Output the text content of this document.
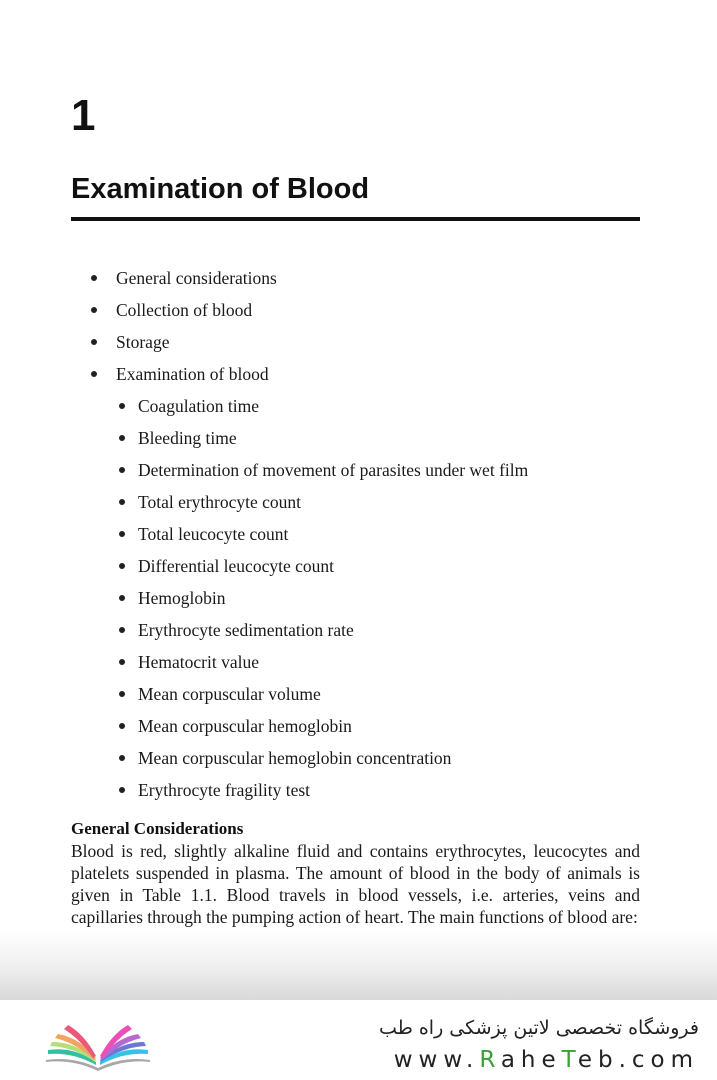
1
Examination of Blood
General considerations
Collection of blood
Storage
Examination of blood
Coagulation time
Bleeding time
Determination of movement of parasites under wet film
Total erythrocyte count
Total leucocyte count
Differential leucocyte count
Hemoglobin
Erythrocyte sedimentation rate
Hematocrit value
Mean corpuscular volume
Mean corpuscular hemoglobin
Mean corpuscular hemoglobin concentration
Erythrocyte fragility test
General Considerations

Blood is red, slightly alkaline fluid and contains erythrocytes, leucocytes and platelets suspended in plasma. The amount of blood in the body of animals is given in Table 1.1. Blood travels in blood vessels, i.e. arteries, veins and capillaries through the pumping action of heart. The main functions of blood are:

فروشگاه تخصصی لاتین پزشکی راه طب
www.RaheTeb.com
